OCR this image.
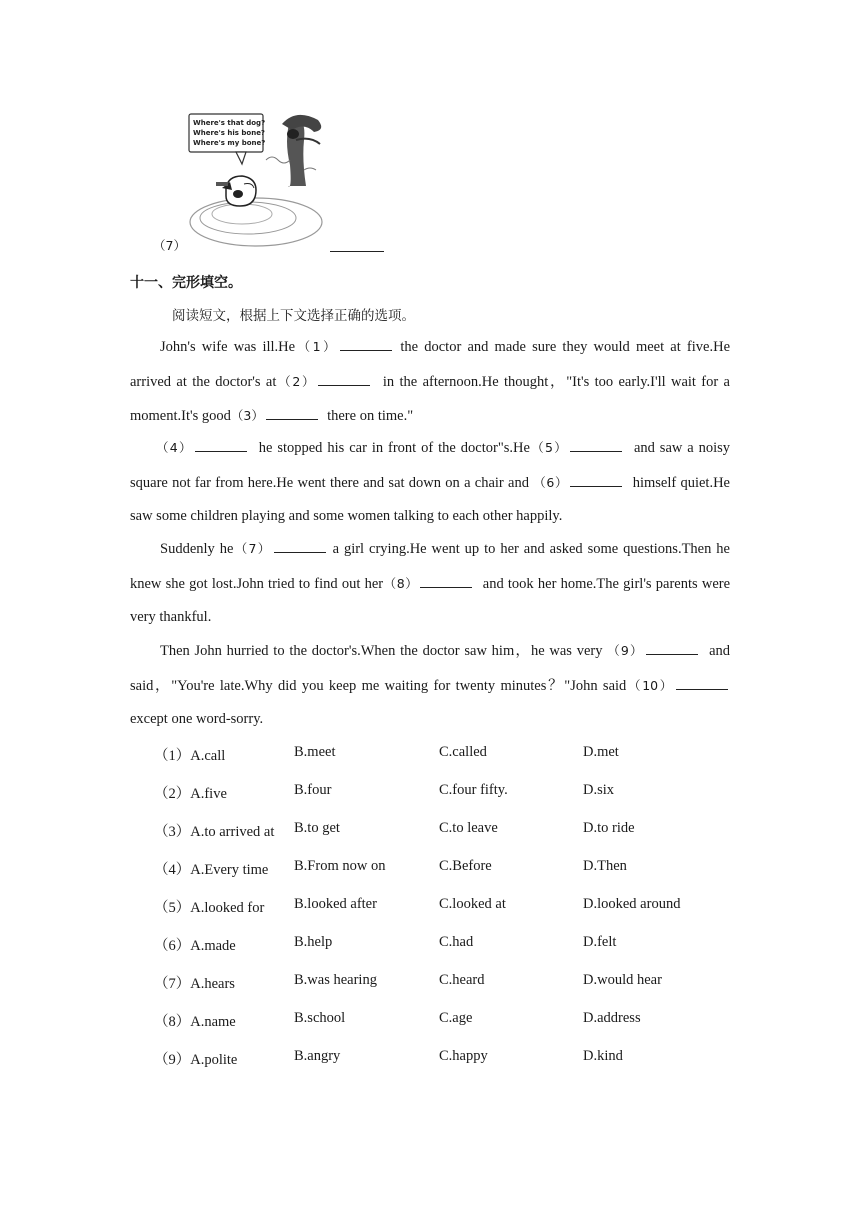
（7）
Where's that dog?
Where's his bone?
Where's my bone?
十一、完形填空。
阅读短文，根据上下文选择正确的选项。

John's wife was ill.He（1）	the doctor and made sure they would meet at five.He arrived at the doctor's at（2）	in the afternoon.He thought，"It's too early.I'll wait for a moment.It's good（3）	there on time."

（4）	he stopped his car in front of the doctor"s.He（5）	and saw a noisy square not far from here.He went there and sat down on a chair and （6）	himself quiet.He saw some children playing and some women talking to each other happily.

Suddenly he（7）	a girl crying.He went up to her and asked some questions.Then he knew she got lost.John tried to find out her（8）	and took her home.The girl's parents were very thankful.

Then John hurried to the doctor's.When the doctor saw him，he was very （9）	and said，"You're late.Why did you keep me waiting for twenty minutes？"John said（10） except one word-sorry.

（1）A.call	B.meet	C.called	D.met
（2）A.five	B.four	C.four fifty.	D.six
（3）A.to arrived at B.to get	C.to leave	D.to ride
（4）A.Every time B.From now on	C.Before	D.Then
（5）A.looked for B.looked after	C.looked at	D.looked around
（6）A.made	B.help	C.had	D.felt
（7）A.hears	B.was hearing	C.heard	D.would hear
（8）A.name	B.school	C.age	D.address
（9）A.polite	B.angry	C.happy	D.kind
